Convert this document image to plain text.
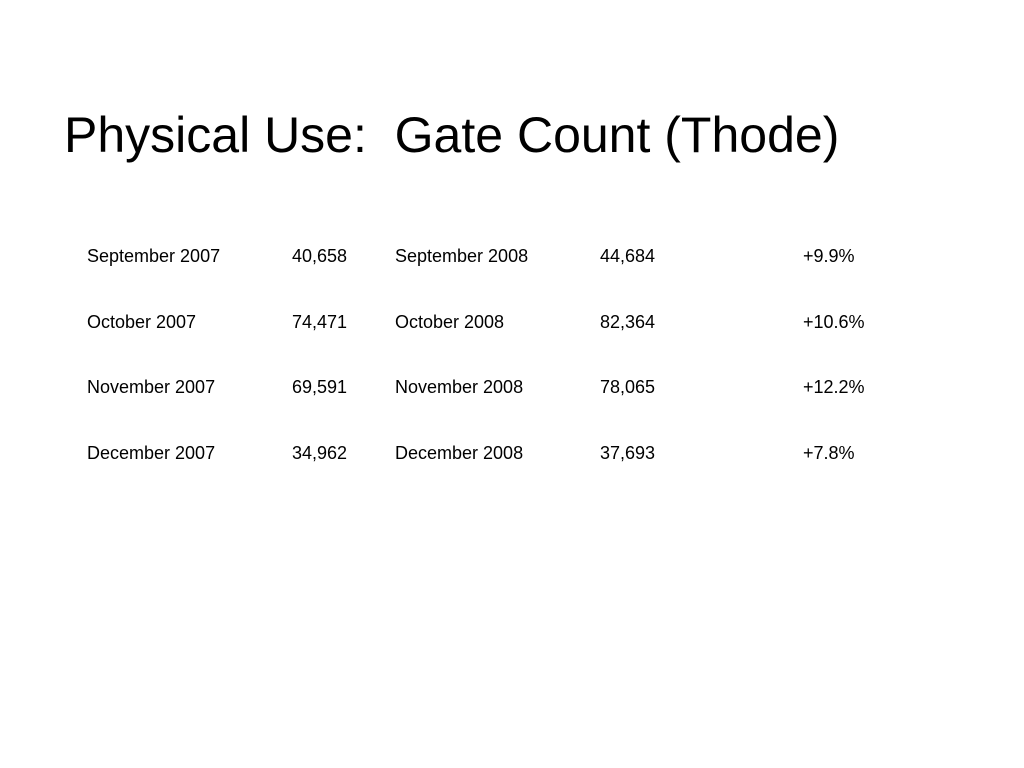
Physical Use:  Gate Count (Thode)
September 2007	40,658	September 2008	44,684	+9.9%
October 2007	74,471	October 2008	82,364	+10.6%
November 2007	69,591	November 2008	78,065	+12.2%
December 2007	34,962	December 2008	37,693	+7.8%
